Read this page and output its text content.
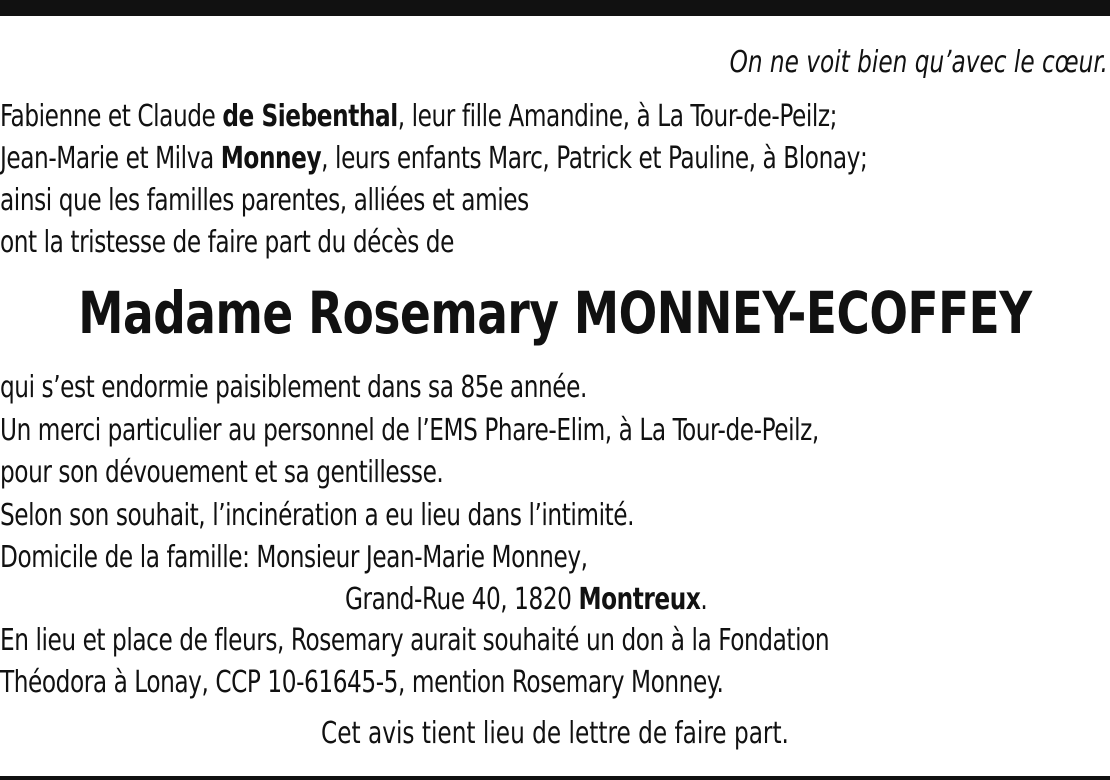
On ne voit bien qu’avec le cœur.
Fabienne et Claude de Siebenthal, leur fille Amandine, à La Tour-de-Peilz;
Jean-Marie et Milva Monney, leurs enfants Marc, Patrick et Pauline, à Blonay;
ainsi que les familles parentes, alliées et amies
ont la tristesse de faire part du décès de
Madame Rosemary MONNEY-ECOFFEY
qui s’est endormie paisiblement dans sa 85e année.
Un merci particulier au personnel de l’EMS Phare-Elim, à La Tour-de-Peilz,
pour son dévouement et sa gentillesse.
Selon son souhait, l’incinération a eu lieu dans l’intimité.
Domicile de la famille: Monsieur Jean-Marie Monney,
Grand-Rue 40, 1820 Montreux.
En lieu et place de fleurs, Rosemary aurait souhaité un don à la Fondation
Théodora à Lonay, CCP 10-61645-5, mention Rosemary Monney.
Cet avis tient lieu de lettre de faire part.
